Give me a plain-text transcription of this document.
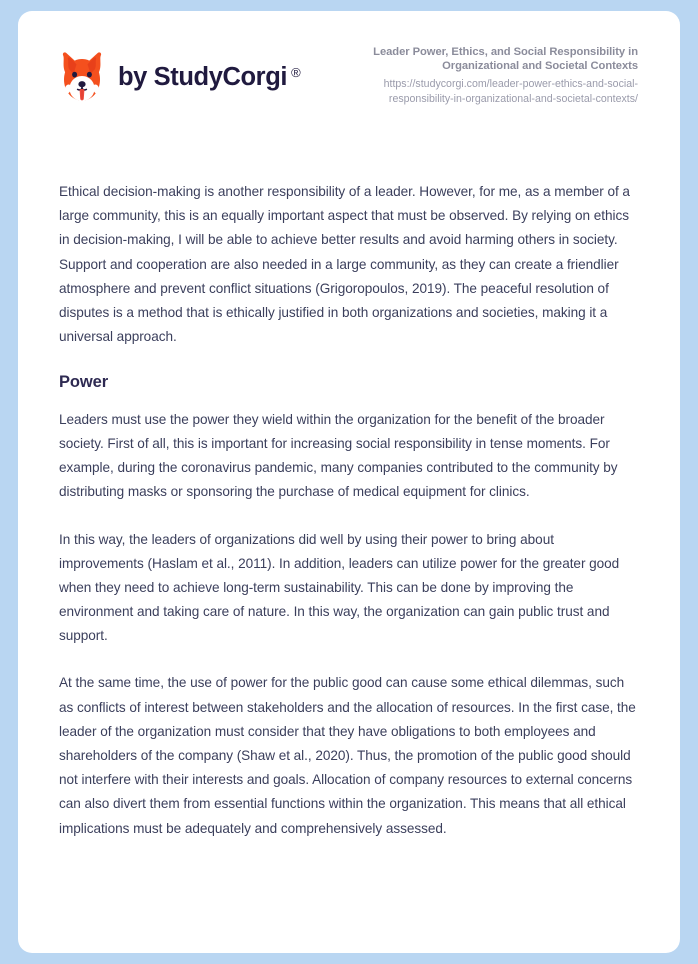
by StudyCorgi ®
Leader Power, Ethics, and Social Responsibility in Organizational and Societal Contexts
https://studycorgi.com/leader-power-ethics-and-social-responsibility-in-organizational-and-societal-contexts/

Ethical decision-making is another responsibility of a leader. However, for me, as a member of a large community, this is an equally important aspect that must be observed. By relying on ethics in decision-making, I will be able to achieve better results and avoid harming others in society. Support and cooperation are also needed in a large community, as they can create a friendlier atmosphere and prevent conflict situations (Grigoropoulos, 2019). The peaceful resolution of disputes is a method that is ethically justified in both organizations and societies, making it a universal approach.

Power

Leaders must use the power they wield within the organization for the benefit of the broader society. First of all, this is important for increasing social responsibility in tense moments. For example, during the coronavirus pandemic, many companies contributed to the community by distributing masks or sponsoring the purchase of medical equipment for clinics.

In this way, the leaders of organizations did well by using their power to bring about improvements (Haslam et al., 2011). In addition, leaders can utilize power for the greater good when they need to achieve long-term sustainability. This can be done by improving the environment and taking care of nature. In this way, the organization can gain public trust and support.

At the same time, the use of power for the public good can cause some ethical dilemmas, such as conflicts of interest between stakeholders and the allocation of resources. In the first case, the leader of the organization must consider that they have obligations to both employees and shareholders of the company (Shaw et al., 2020). Thus, the promotion of the public good should not interfere with their interests and goals. Allocation of company resources to external concerns can also divert them from essential functions within the organization. This means that all ethical implications must be adequately and comprehensively assessed.
